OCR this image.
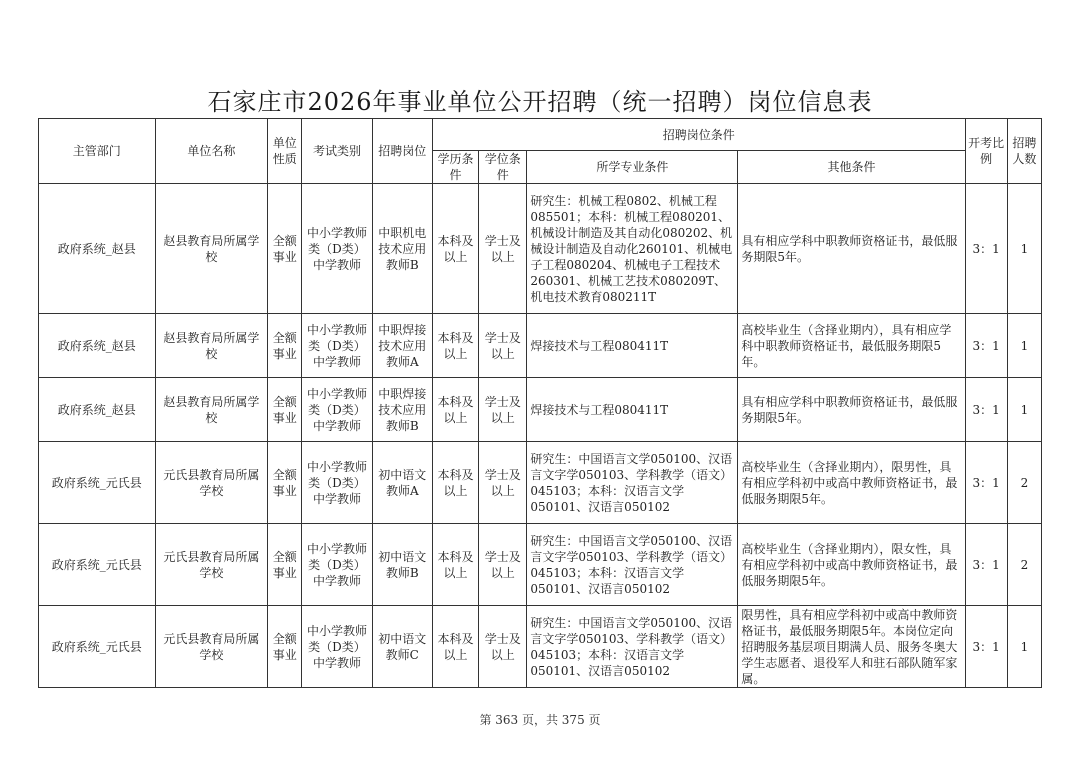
石家庄市2026年事业单位公开招聘（统一招聘）岗位信息表
主管部门	单位名称	单位性质	考试类别	招聘岗位	招聘岗位条件				开考比例	招聘人数
					学历条件	学位条件	所学专业条件	其他条件		
政府系统_赵县	赵县教育局所属学校	全额事业	中小学教师类（D类）中学教师	中职机电技术应用教师B	本科及以上	学士及以上	研究生：机械工程0802、机械工程085501；本科：机械工程080201、机械设计制造及其自动化080202、机械设计制造及自动化260101、机械电子工程080204、机械电子工程技术260301、机械工艺技术080209T、机电技术教育080211T	具有相应学科中职教师资格证书，最低服务期限5年。	3：1	1
政府系统_赵县	赵县教育局所属学校	全额事业	中小学教师类（D类）中学教师	中职焊接技术应用教师A	本科及以上	学士及以上	焊接技术与工程080411T	高校毕业生（含择业期内），具有相应学科中职教师资格证书，最低服务期限5年。	3：1	1
政府系统_赵县	赵县教育局所属学校	全额事业	中小学教师类（D类）中学教师	中职焊接技术应用教师B	本科及以上	学士及以上	焊接技术与工程080411T	具有相应学科中职教师资格证书，最低服务期限5年。	3：1	1
政府系统_元氏县	元氏县教育局所属学校	全额事业	中小学教师类（D类）中学教师	初中语文教师A	本科及以上	学士及以上	研究生：中国语言文学050100、汉语言文字学050103、学科教学（语文）045103；本科：汉语言文学050101、汉语言050102	高校毕业生（含择业期内），限男性，具有相应学科初中或高中教师资格证书，最低服务期限5年。	3：1	2
政府系统_元氏县	元氏县教育局所属学校	全额事业	中小学教师类（D类）中学教师	初中语文教师B	本科及以上	学士及以上	研究生：中国语言文学050100、汉语言文字学050103、学科教学（语文）045103；本科：汉语言文学050101、汉语言050102	高校毕业生（含择业期内），限女性，具有相应学科初中或高中教师资格证书，最低服务期限5年。	3：1	2
政府系统_元氏县	元氏县教育局所属学校	全额事业	中小学教师类（D类）中学教师	初中语文教师C	本科及以上	学士及以上	研究生：中国语言文学050100、汉语言文字学050103、学科教学（语文）045103；本科：汉语言文学050101、汉语言050102	限男性，具有相应学科初中或高中教师资格证书，最低服务期限5年。本岗位定向招聘服务基层项目期满人员、服务冬奥大学生志愿者、退役军人和驻石部队随军家属。	3：1	1
第 363 页，共 375 页
